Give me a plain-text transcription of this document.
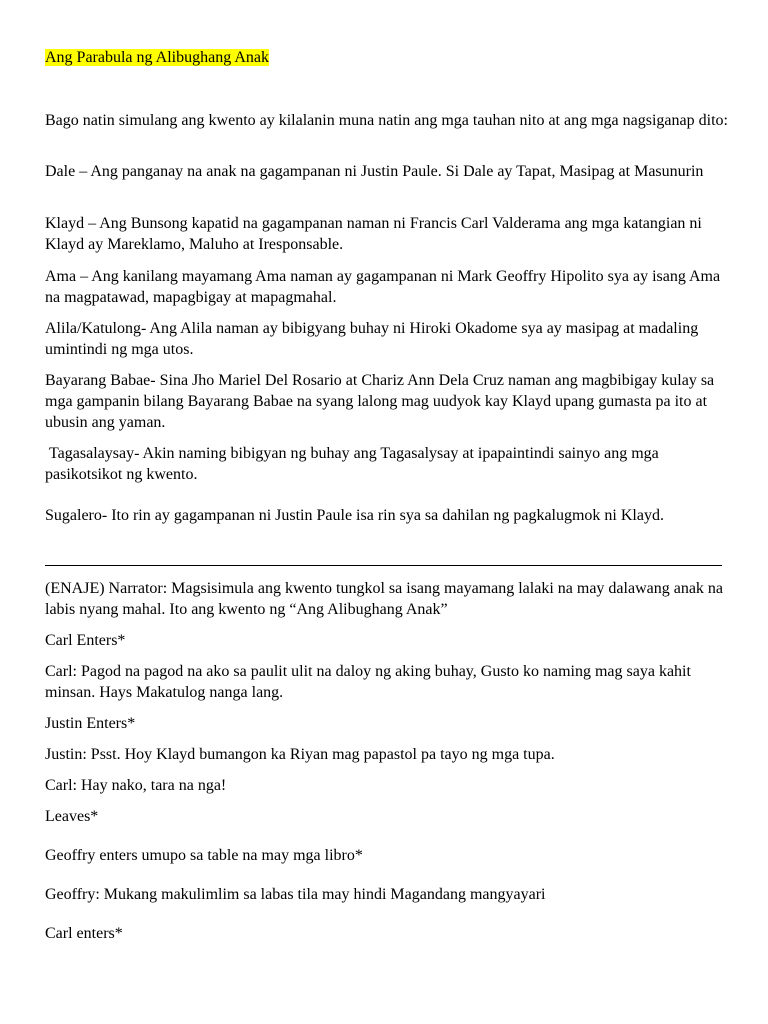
Ang Parabula ng Alibughang Anak

Bago natin simulang ang kwento ay kilalanin muna natin ang mga tauhan nito at ang mga nagsiganap dito:

Dale – Ang panganay na anak na gagampanan ni Justin Paule. Si Dale ay Tapat, Masipag at Masunurin

Klayd – Ang Bunsong kapatid na gagampanan naman ni Francis Carl Valderama ang mga katangian ni Klayd ay Mareklamo, Maluho at Iresponsable.

Ama – Ang kanilang mayamang Ama naman ay gagampanan ni Mark Geoffry Hipolito sya ay isang Ama na magpatawad, mapagbigay at mapagmahal.

Alila/Katulong- Ang Alila naman ay bibigyang buhay ni Hiroki Okadome sya ay masipag at madaling umintindi ng mga utos.

Bayarang Babae- Sina Jho Mariel Del Rosario at Chariz Ann Dela Cruz naman ang magbibigay kulay sa mga gampanin bilang Bayarang Babae na syang lalong mag uudyok kay Klayd upang gumasta pa ito at ubusin ang yaman.

Tagasalaysay- Akin naming bibigyan ng buhay ang Tagasalysay at ipapaintindi sainyo ang mga pasikotsikot ng kwento.

Sugalero- Ito rin ay gagampanan ni Justin Paule isa rin sya sa dahilan ng pagkalugmok ni Klayd.

(ENAJE) Narrator: Magsisimula ang kwento tungkol sa isang mayamang lalaki na may dalawang anak na labis nyang mahal. Ito ang kwento ng “Ang Alibughang Anak”

Carl Enters*

Carl: Pagod na pagod na ako sa paulit ulit na daloy ng aking buhay, Gusto ko naming mag saya kahit minsan. Hays Makatulog nanga lang.

Justin Enters*

Justin: Psst. Hoy Klayd bumangon ka Riyan mag papastol pa tayo ng mga tupa.

Carl: Hay nako, tara na nga!

Leaves*

Geoffry enters umupo sa table na may mga libro*

Geoffry: Mukang makulimlim sa labas tila may hindi Magandang mangyayari

Carl enters*
